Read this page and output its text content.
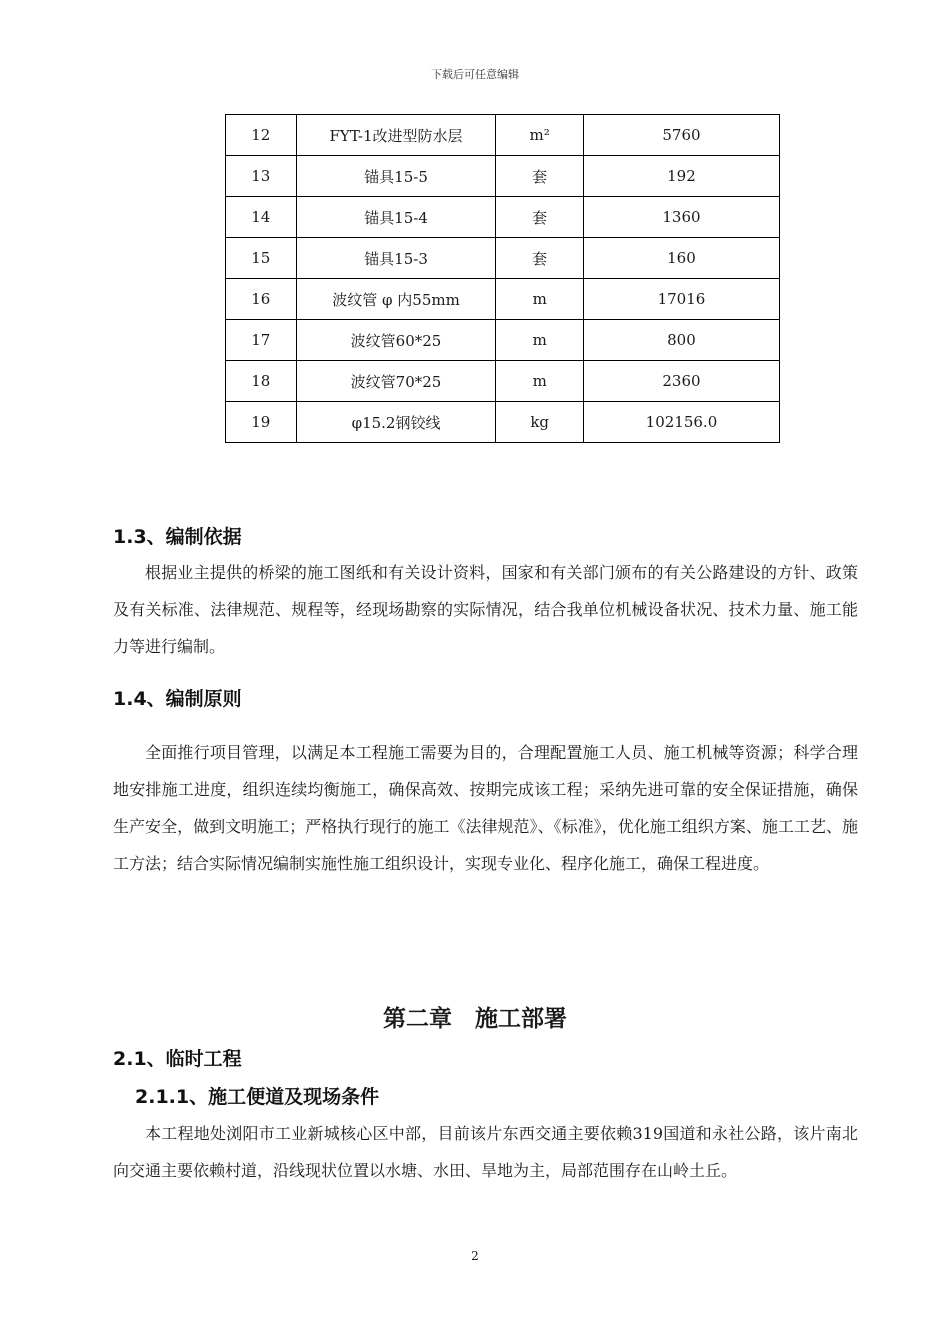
下载后可任意编辑
12	FYT-1改进型防水层	m²	5760
13	锚具15-5	套	192
14	锚具15-4	套	1360
15	锚具15-3	套	160
16	波纹管 φ 内55mm	m	17016
17	波纹管60*25	m	800
18	波纹管70*25	m	2360
19	φ15.2钢铰线	kg	102156.0
1.3、编制依据
根据业主提供的桥梁的施工图纸和有关设计资料，国家和有关部门颁布的有关公路建设的方针、政策及有关标准、法律规范、规程等，经现场勘察的实际情况，结合我单位机械设备状况、技术力量、施工能力等进行编制。
1.4、编制原则
全面推行项目管理，以满足本工程施工需要为目的，合理配置施工人员、施工机械等资源；科学合理地安排施工进度，组织连续均衡施工，确保高效、按期完成该工程；采纳先进可靠的安全保证措施，确保生产安全，做到文明施工；严格执行现行的施工《法律规范》、《标准》，优化施工组织方案、施工工艺、施工方法；结合实际情况编制实施性施工组织设计，实现专业化、程序化施工，确保工程进度。
第二章　施工部署
2.1、临时工程
2.1.1、施工便道及现场条件
本工程地处浏阳市工业新城核心区中部，目前该片东西交通主要依赖319国道和永社公路，该片南北向交通主要依赖村道，沿线现状位置以水塘、水田、旱地为主，局部范围存在山岭土丘。
2
